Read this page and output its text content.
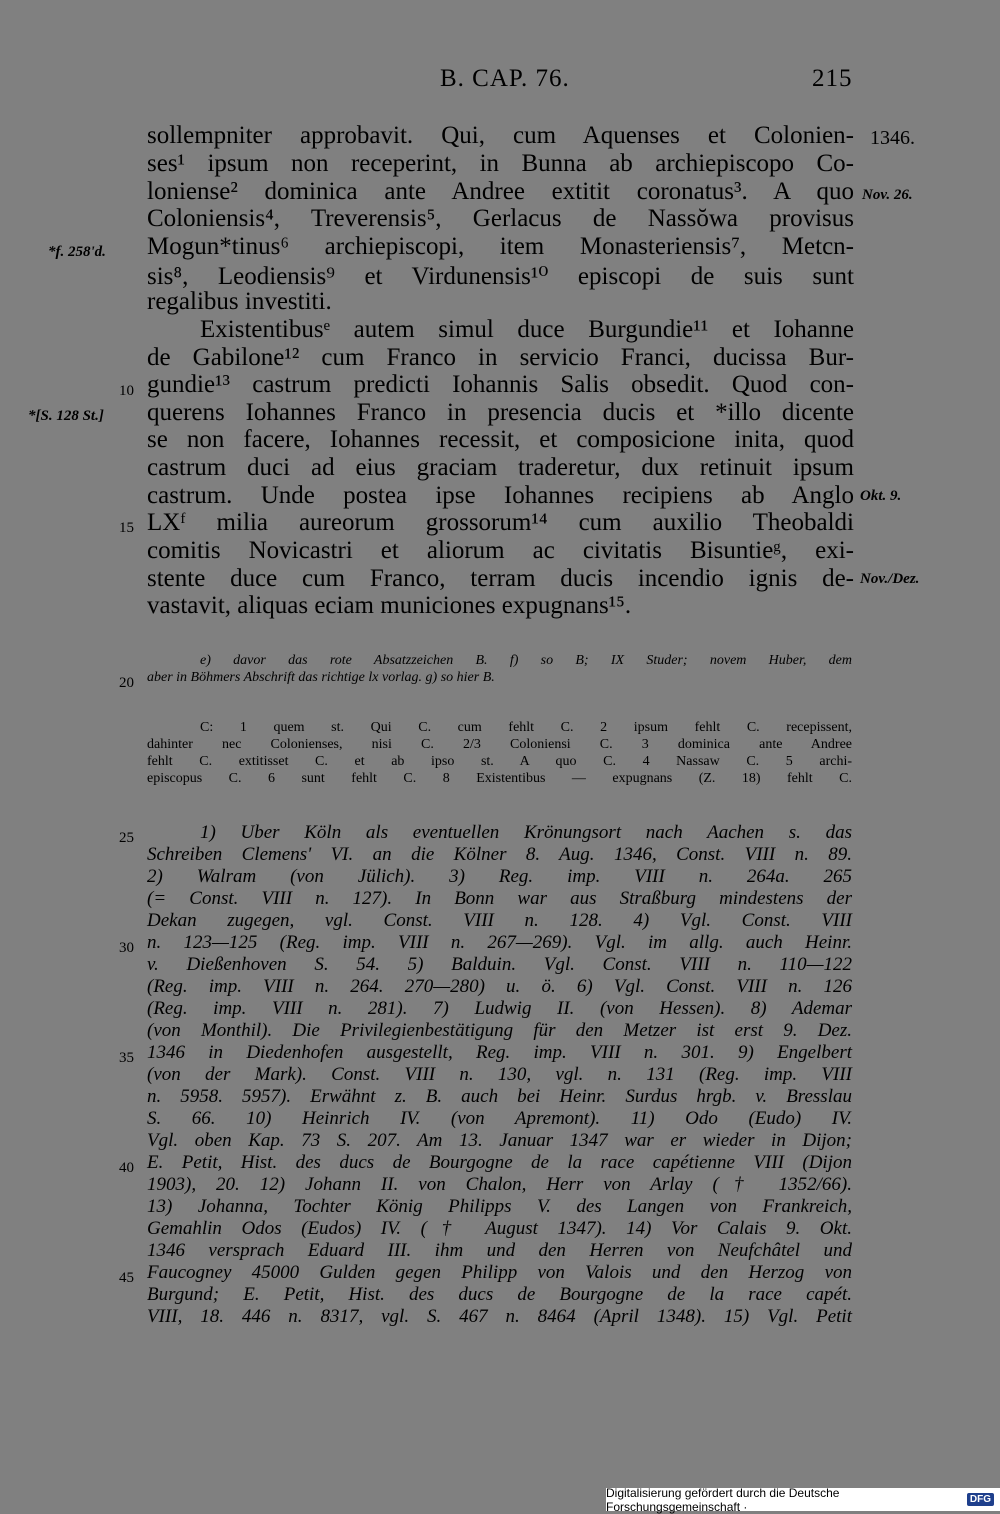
B. CAP. 76.	215
*f. 258'd.
*[S. 128 St.]
10
15
20
25
30
35
40
45
1346.
Nov. 26.
Okt. 9.
Nov./Dez.
sollempniter approbavit. Qui, cum Aquenses et Colonien-
ses¹ ipsum non receperint, in Bunna ab archiepiscopo Co-
loniense² dominica ante Andree extitit coronatus³. A quo
Coloniensis⁴, Treverensis⁵, Gerlacus de Nassŏwa provisus
Mogun*tinus⁶ archiepiscopi, item Monasteriensis⁷, Metcn-
sis⁸, Leodiensis⁹ et Virdunensis¹⁰ episcopi de suis sunt
regalibus investiti.
Existentibusᵉ autem simul duce Burgundie¹¹ et Iohanne
de Gabilone¹² cum Franco in servicio Franci, ducissa Bur-
gundie¹³ castrum predicti Iohannis Salis obsedit. Quod con-
querens Iohannes Franco in presencia ducis et *illo dicente
se non facere, Iohannes recessit, et composicione inita, quod
castrum duci ad eius graciam traderetur, dux retinuit ipsum
castrum. Unde postea ipse Iohannes recipiens ab Anglo
LXᶠ milia aureorum grossorum¹⁴ cum auxilio Theobaldi
comitis Novicastri et aliorum ac civitatis Bisuntieᵍ, exi-
stente duce cum Franco, terram ducis incendio ignis de-
vastavit, aliquas eciam municiones expugnans¹⁵.
e) davor das rote Absatzzeichen B. f) so B; IX Studer; novem Huber, dem
aber in Böhmers Abschrift das richtige lx vorlag. g) so hier B.
C: 1 quem st. Qui C. cum fehlt C. 2 ipsum fehlt C. recepissent,
dahinter nec Colonienses, nisi C. 2/3 Coloniensi C. 3 dominica ante Andree
fehlt C. extitisset C. et ab ipso st. A quo C. 4 Nassaw C. 5 archi-
episcopus C. 6 sunt fehlt C. 8 Existentibus — expugnans (Z. 18) fehlt C.
1) Uber Köln als eventuellen Krönungsort nach Aachen s. das
Schreiben Clemens' VI. an die Kölner 8. Aug. 1346, Const. VIII n. 89.
2) Walram (von Jülich). 3) Reg. imp. VIII n. 264a. 265
(= Const. VIII n. 127). In Bonn war aus Straßburg mindestens der
Dekan zugegen, vgl. Const. VIII n. 128. 4) Vgl. Const. VIII
n. 123—125 (Reg. imp. VIII n. 267—269). Vgl. im allg. auch Heinr.
v. Dießenhoven S. 54. 5) Balduin. Vgl. Const. VIII n. 110—122
(Reg. imp. VIII n. 264. 270—280) u. ö. 6) Vgl. Const. VIII n. 126
(Reg. imp. VIII n. 281). 7) Ludwig II. (von Hessen). 8) Ademar
(von Monthil). Die Privilegienbestätigung für den Metzer ist erst 9. Dez.
1346 in Diedenhofen ausgestellt, Reg. imp. VIII n. 301. 9) Engelbert
(von der Mark). Const. VIII n. 130, vgl. n. 131 (Reg. imp. VIII
n. 5958. 5957). Erwähnt z. B. auch bei Heinr. Surdus hrgb. v. Bresslau
S. 66. 10) Heinrich IV. (von Apremont). 11) Odo (Eudo) IV.
Vgl. oben Kap. 73 S. 207. Am 13. Januar 1347 war er wieder in Dijon;
E. Petit, Hist. des ducs de Bourgogne de la race capétienne VIII (Dijon
1903), 20. 12) Johann II. von Chalon, Herr von Arlay († 1352/66).
13) Johanna, Tochter König Philipps V. des Langen von Frankreich,
Gemahlin Odos (Eudos) IV. († August 1347). 14) Vor Calais 9. Okt.
1346 versprach Eduard III. ihm und den Herren von Neufchâtel und
Faucogney 45000 Gulden gegen Philipp von Valois und den Herzog von
Burgund; E. Petit, Hist. des ducs de Bourgogne de la race capét.
VIII, 18. 446 n. 8317, vgl. S. 467 n. 8464 (April 1348). 15) Vgl. Petit
Digitalisierung gefördert durch die Deutsche Forschungsgemeinschaft ·	DFG
